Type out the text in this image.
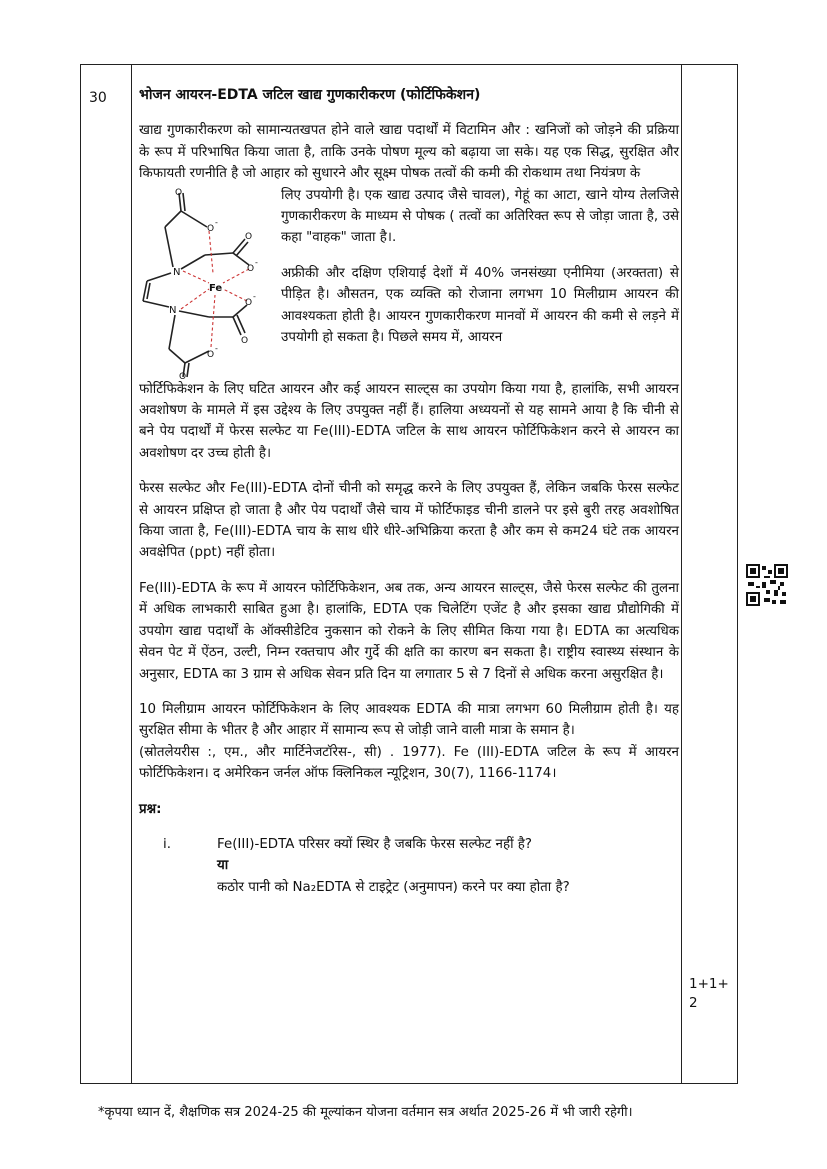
30 भोजन आयरन-EDTA जटिल खाद्य गुणकारीकरण (फोर्टिफिकेशन)
खाद्य गुणकारीकरण को सामान्यतखपत होने वाले खाद्य पदार्थों में विटामिन और : खनिजों को जोड़ने की प्रक्रिया के रूप में परिभाषित किया जाता है, ताकि उनके पोषण मूल्य को बढ़ाया जा सके। यह एक सिद्ध, सुरक्षित और किफायती रणनीति है जो आहार को सुधारने और सूक्ष्म पोषक तत्वों की कमी की रोकथाम तथा नियंत्रण के
Fe
N
N
O
O
-
O
O
-
O
-
O
O
-
O
लिए उपयोगी है। एक खाद्य उत्पाद जैसे चावल), गेहूं का आटा, खाने योग्य तेलजिसे गुणकारीकरण के माध्यम से पोषक ( तत्वों का अतिरिक्त रूप से जोड़ा जाता है, उसे कहा "वाहक" जाता है।.
अफ्रीकी और दक्षिण एशियाई देशों में 40% जनसंख्या एनीमिया (अरक्तता) से पीड़ित है। औसतन, एक व्यक्ति को रोजाना लगभग 10 मिलीग्राम आयरन की आवश्यकता होती है। आयरन गुणकारीकरण मानवों में आयरन की कमी से लड़ने में उपयोगी हो सकता है। पिछले समय में, आयरन
फोर्टिफिकेशन के लिए घटित आयरन और कई आयरन साल्ट्स का उपयोग किया गया है, हालांकि, सभी आयरन अवशोषण के मामले में इस उद्देश्य के लिए उपयुक्त नहीं हैं। हालिया अध्ययनों से यह सामने आया है कि चीनी से बने पेय पदार्थों में फेरस सल्फेट या Fe(III)-EDTA जटिल के साथ आयरन फोर्टिफिकेशन करने से आयरन का अवशोषण दर उच्च होती है।
फेरस सल्फेट और Fe(III)-EDTA दोनों चीनी को समृद्ध करने के लिए उपयुक्त हैं, लेकिन जबकि फेरस सल्फेट से आयरन प्रक्षिप्त हो जाता है और पेय पदार्थों जैसे चाय में फोर्टिफाइड चीनी डालने पर इसे बुरी तरह अवशोषित किया जाता है, Fe(III)-EDTA चाय के साथ धीरे धीरे-अभिक्रिया करता है और कम से कम24 घंटे तक आयरन अवक्षेपित (ppt) नहीं होता।
Fe(III)-EDTA के रूप में आयरन फोर्टिफिकेशन, अब तक, अन्य आयरन साल्ट्स, जैसे फेरस सल्फेट की तुलना में अधिक लाभकारी साबित हुआ है। हालांकि, EDTA एक चिलेटिंग एजेंट है और इसका खाद्य प्रौद्योगिकी में उपयोग खाद्य पदार्थों के ऑक्सीडेटिव नुकसान को रोकने के लिए सीमित किया गया है। EDTA का अत्यधिक सेवन पेट में ऐंठन, उल्टी, निम्न रक्तचाप और गुर्दे की क्षति का कारण बन सकता है। राष्ट्रीय स्वास्थ्य संस्थान के अनुसार, EDTA का 3 ग्राम से अधिक सेवन प्रति दिन या लगातार 5 से 7 दिनों से अधिक करना असुरक्षित है।
10 मिलीग्राम आयरन फोर्टिफिकेशन के लिए आवश्यक EDTA की मात्रा लगभग 60 मिलीग्राम होती है। यह सुरक्षित सीमा के भीतर है और आहार में सामान्य रूप से जोड़ी जाने वाली मात्रा के समान है।
(स्रोतलेयरीस :, एम., और मार्टिनेजटॉरेस-, सी) . 1977). Fe (III)-EDTA जटिल के रूप में आयरन फोर्टिफिकेशन। द अमेरिकन जर्नल ऑफ क्लिनिकल न्यूट्रिशन, 30(7), 1166-1174।
प्रश्न:
i.	Fe(III)-EDTA परिसर क्यों स्थिर है जबकि फेरस सल्फेट नहीं है?
या
कठोर पानी को Na₂EDTA से टाइट्रेट (अनुमापन) करने पर क्या होता है?
1+1+
2
*कृपया ध्यान दें, शैक्षणिक सत्र 2024-25 की मूल्यांकन योजना वर्तमान सत्र अर्थात 2025-26 में भी जारी रहेगी।
